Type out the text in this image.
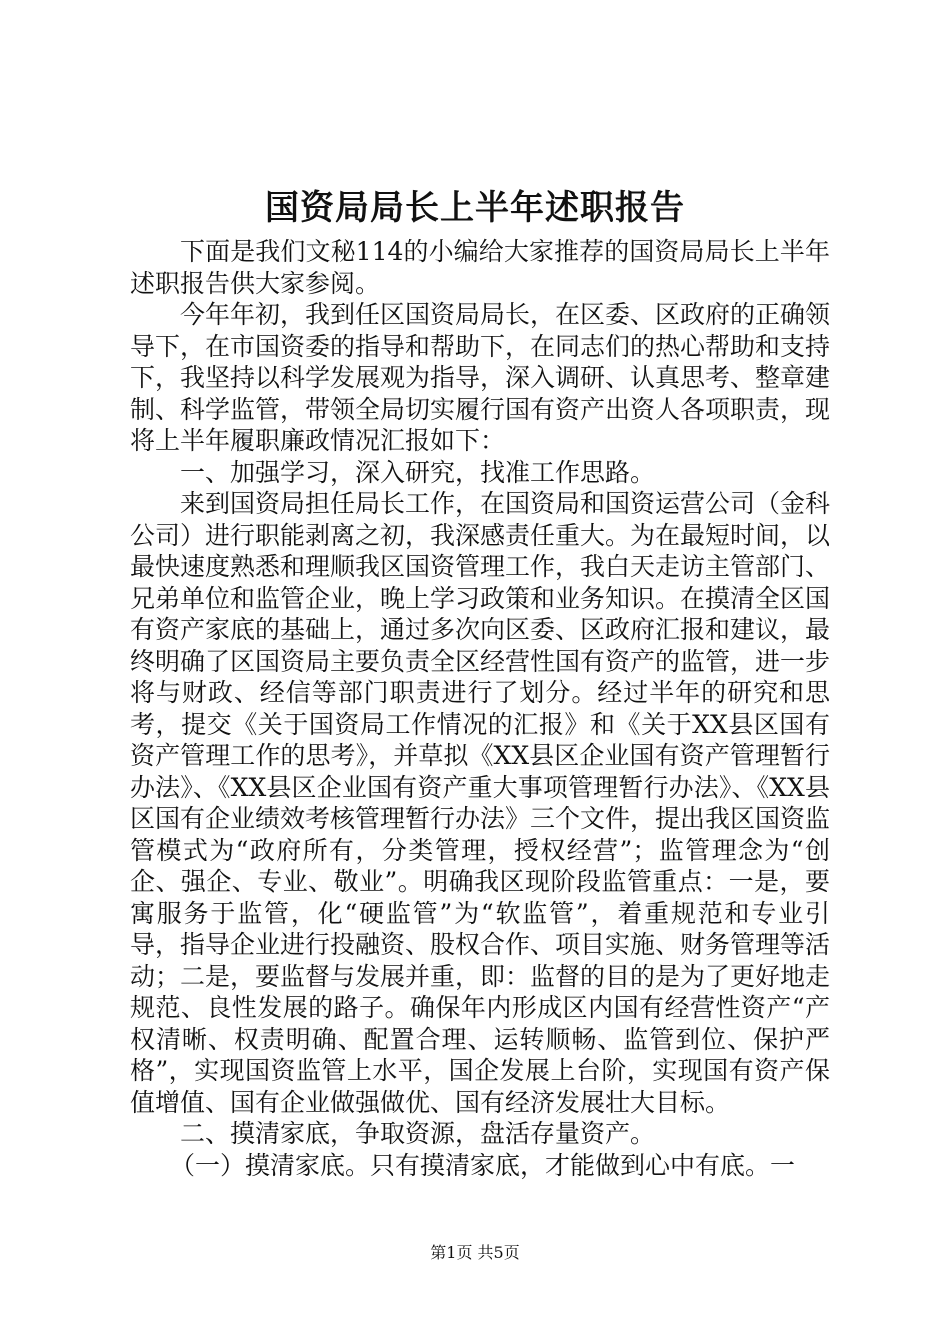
国资局局长上半年述职报告

下面是我们文秘114的小编给大家推荐的国资局局长上半年述职报告供大家参阅。

今年年初，我到任区国资局局长，在区委、区政府的正确领导下，在市国资委的指导和帮助下，在同志们的热心帮助和支持下，我坚持以科学发展观为指导，深入调研、认真思考、整章建制、科学监管，带领全局切实履行国有资产出资人各项职责，现将上半年履职廉政情况汇报如下：

一、加强学习，深入研究，找准工作思路。

来到国资局担任局长工作，在国资局和国资运营公司（金科公司）进行职能剥离之初，我深感责任重大。为在最短时间，以最快速度熟悉和理顺我区国资管理工作，我白天走访主管部门、兄弟单位和监管企业，晚上学习政策和业务知识。在摸清全区国有资产家底的基础上，通过多次向区委、区政府汇报和建议，最终明确了区国资局主要负责全区经营性国有资产的监管，进一步将与财政、经信等部门职责进行了划分。经过半年的研究和思考，提交《关于国资局工作情况的汇报》和《关于XX县区国有资产管理工作的思考》，并草拟《XX县区企业国有资产管理暂行办法》、《XX县区企业国有资产重大事项管理暂行办法》、《XX县区国有企业绩效考核管理暂行办法》三个文件，提出我区国资监管模式为“政府所有，分类管理，授权经营”；监管理念为“创企、强企、专业、敬业”。明确我区现阶段监管重点：一是，要寓服务于监管，化“硬监管”为“软监管”，着重规范和专业引导，指导企业进行投融资、股权合作、项目实施、财务管理等活动；二是，要监督与发展并重，即：监督的目的是为了更好地走规范、良性发展的路子。确保年内形成区内国有经营性资产“产权清晰、权责明确、配置合理、运转顺畅、监管到位、保护严格”，实现国资监管上水平，国企发展上台阶，实现国有资产保值增值、国有企业做强做优、国有经济发展壮大目标。

二、摸清家底，争取资源，盘活存量资产。

（一）摸清家底。只有摸清家底，才能做到心中有底。一

第1页 共5页
